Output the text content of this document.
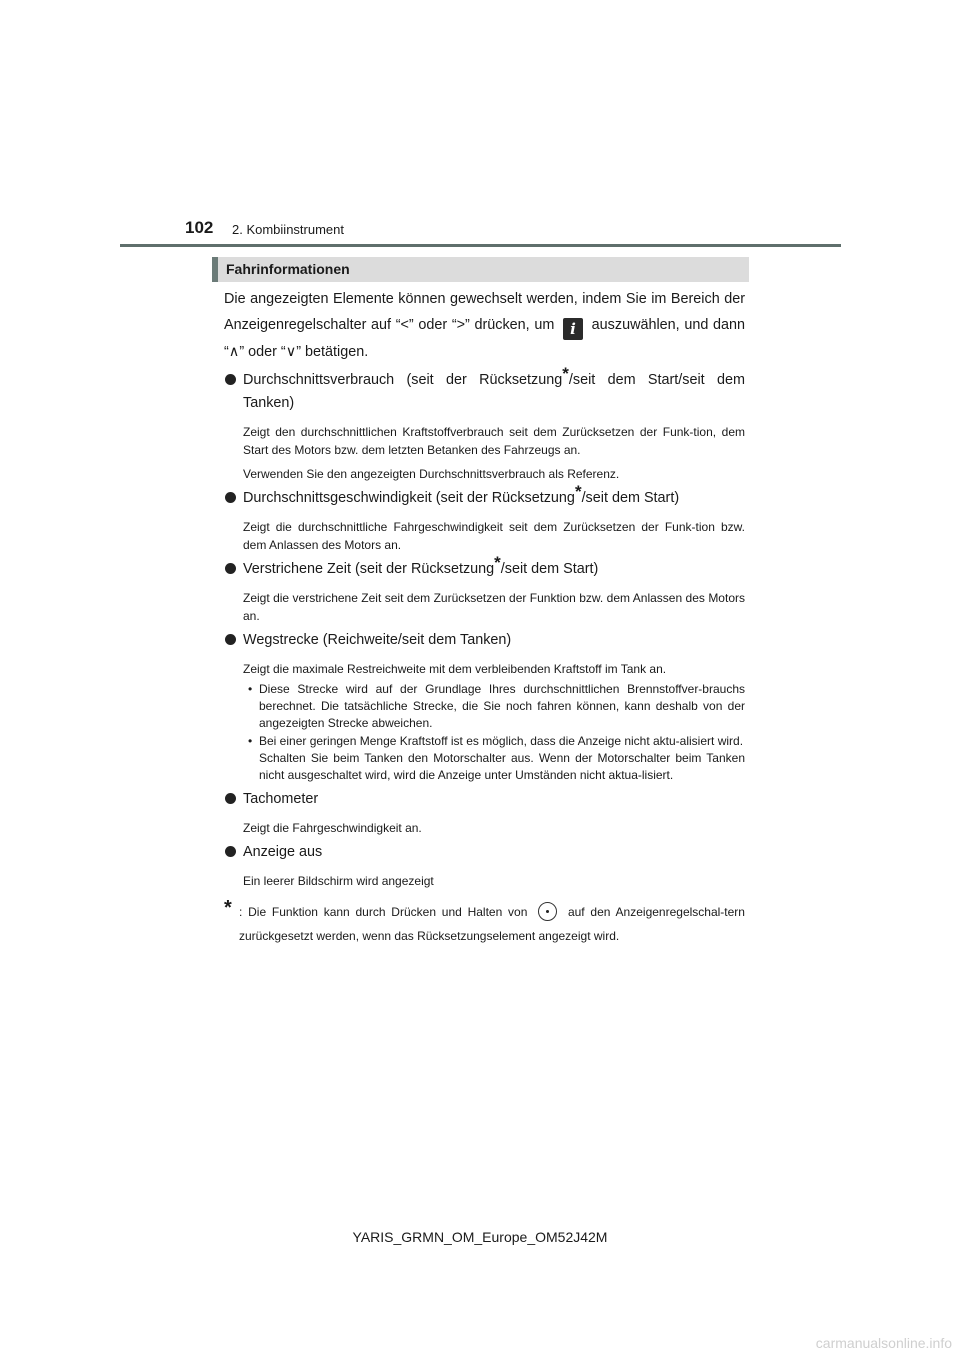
102 2. Kombiinstrument
Fahrinformationen

Die angezeigten Elemente können gewechselt werden, indem Sie im Bereich der Anzeigenregelschalter auf “<” oder “>” drücken, um i auszuwählen, und dann “∧” oder “∨” betätigen.

Durchschnittsverbrauch (seit der Rücksetzung*/seit dem Start/seit dem Tanken)
Zeigt den durchschnittlichen Kraftstoffverbrauch seit dem Zurücksetzen der Funk-tion, dem Start des Motors bzw. dem letzten Betanken des Fahrzeugs an.
Verwenden Sie den angezeigten Durchschnittsverbrauch als Referenz.
Durchschnittsgeschwindigkeit (seit der Rücksetzung*/seit dem Start)
Zeigt die durchschnittliche Fahrgeschwindigkeit seit dem Zurücksetzen der Funk-tion bzw. dem Anlassen des Motors an.
Verstrichene Zeit (seit der Rücksetzung*/seit dem Start)
Zeigt die verstrichene Zeit seit dem Zurücksetzen der Funktion bzw. dem Anlassen des Motors an.
Wegstrecke (Reichweite/seit dem Tanken)
Zeigt die maximale Restreichweite mit dem verbleibenden Kraftstoff im Tank an.
• Diese Strecke wird auf der Grundlage Ihres durchschnittlichen Brennstoffver-brauchs berechnet. Die tatsächliche Strecke, die Sie noch fahren können, kann deshalb von der angezeigten Strecke abweichen.
• Bei einer geringen Menge Kraftstoff ist es möglich, dass die Anzeige nicht aktu-alisiert wird.
Schalten Sie beim Tanken den Motorschalter aus. Wenn der Motorschalter beim Tanken nicht ausgeschaltet wird, wird die Anzeige unter Umständen nicht aktua-lisiert.
Tachometer
Zeigt die Fahrgeschwindigkeit an.
Anzeige aus
Ein leerer Bildschirm wird angezeigt
* : Die Funktion kann durch Drücken und Halten von	auf den Anzeigenregelschal-tern zurückgesetzt werden, wenn das Rücksetzungselement angezeigt wird.
YARIS_GRMN_OM_Europe_OM52J42M
carmanualsonline.info
